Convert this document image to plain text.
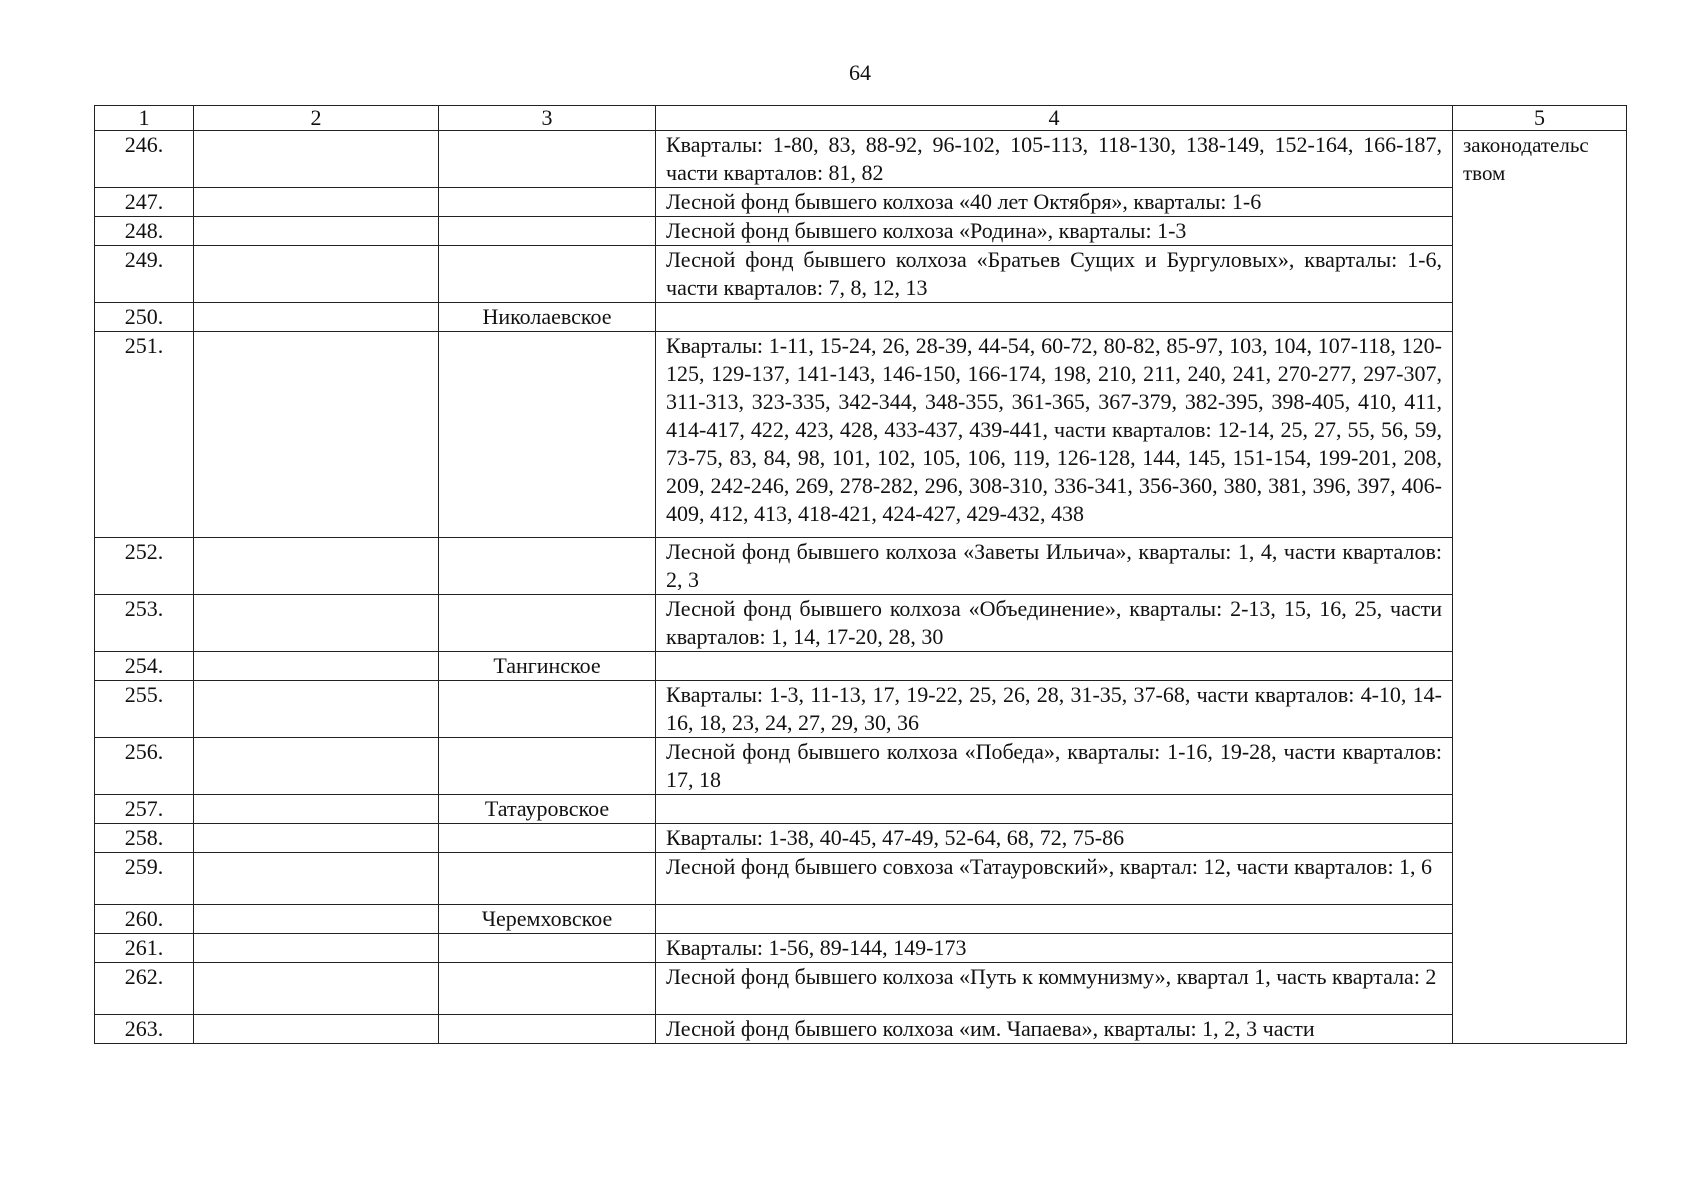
64
1	2	3	4	5
246.			Кварталы: 1-80, 83, 88-92, 96-102, 105-113, 118-130, 138-149, 152-164, 166-187, части кварталов: 81, 82	законодательс
твом
247.			Лесной фонд бывшего колхоза «40 лет Октября», кварталы: 1-6	
248.			Лесной фонд бывшего колхоза «Родина», кварталы: 1-3	
249.			Лесной фонд бывшего колхоза «Братьев Сущих и Бургуловых», кварталы: 1-6, части кварталов: 7, 8, 12, 13	
250.		Николаевское		
251.			Кварталы: 1-11, 15-24, 26, 28-39, 44-54, 60-72, 80-82, 85-97, 103, 104, 107-118, 120-125, 129-137, 141-143, 146-150, 166-174, 198, 210, 211, 240, 241, 270-277, 297-307, 311-313, 323-335, 342-344, 348-355, 361-365, 367-379, 382-395, 398-405, 410, 411, 414-417, 422, 423, 428, 433-437, 439-441, части кварталов: 12-14, 25, 27, 55, 56, 59, 73-75, 83, 84, 98, 101, 102, 105, 106, 119, 126-128, 144, 145, 151-154, 199-201, 208, 209, 242-246, 269, 278-282, 296, 308-310, 336-341, 356-360, 380, 381, 396, 397, 406-409, 412, 413, 418-421, 424-427, 429-432, 438	
252.			Лесной фонд бывшего колхоза «Заветы Ильича», кварталы: 1, 4, части кварталов: 2, 3	
253.			Лесной фонд бывшего колхоза «Объединение», кварталы: 2-13, 15, 16, 25, части кварталов: 1, 14, 17-20, 28, 30	
254.		Тангинское		
255.			Кварталы: 1-3, 11-13, 17, 19-22, 25, 26, 28, 31-35, 37-68, части кварталов: 4-10, 14-16, 18, 23, 24, 27, 29, 30, 36	
256.			Лесной фонд бывшего колхоза «Победа», кварталы: 1-16, 19-28, части кварталов: 17, 18	
257.		Татауровское		
258.			Кварталы: 1-38, 40-45, 47-49, 52-64, 68, 72, 75-86	
259.			Лесной фонд бывшего совхоза «Татауровский», квартал: 12, части кварталов: 1, 6	
260.		Черемховское		
261.			Кварталы: 1-56, 89-144, 149-173	
262.			Лесной фонд бывшего колхоза «Путь к коммунизму», квартал 1, часть квартала: 2	
263.			Лесной фонд бывшего колхоза «им. Чапаева», кварталы: 1, 2, 3 части	
